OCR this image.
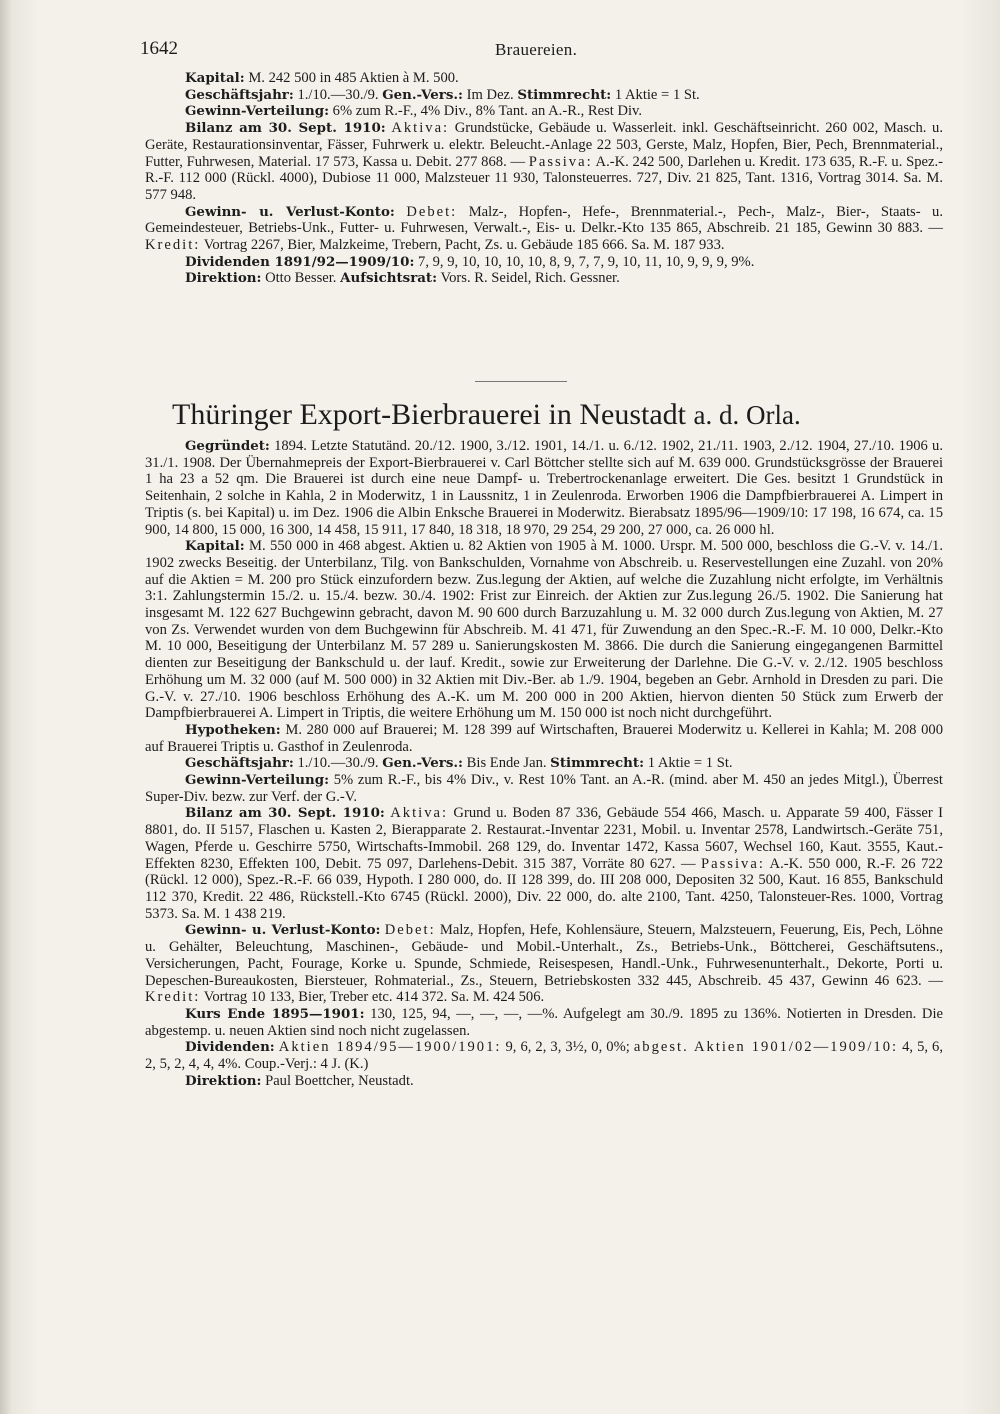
1642	Brauereien.

Kapital: M. 242 500 in 485 Aktien à M. 500.

Geschäftsjahr: 1./10.—30./9. Gen.-Vers.: Im Dez. Stimmrecht: 1 Aktie = 1 St.

Gewinn-Verteilung: 6% zum R.-F., 4% Div., 8% Tant. an A.-R., Rest Div.

Bilanz am 30. Sept. 1910: Aktiva: Grundstücke, Gebäude u. Wasserleit. inkl. Geschäftseinricht. 260 002, Masch. u. Geräte, Restaurationsinventar, Fässer, Fuhrwerk u. elektr. Beleucht.-Anlage 22 503, Gerste, Malz, Hopfen, Bier, Pech, Brennmaterial., Futter, Fuhrwesen, Material. 17 573, Kassa u. Debit. 277 868. — Passiva: A.-K. 242 500, Darlehen u. Kredit. 173 635, R.-F. u. Spez.-R.-F. 112 000 (Rückl. 4000), Dubiose 11 000, Malzsteuer 11 930, Talonsteuerres. 727, Div. 21 825, Tant. 1316, Vortrag 3014. Sa. M. 577 948.

Gewinn- u. Verlust-Konto: Debet: Malz-, Hopfen-, Hefe-, Brennmaterial.-, Pech-, Malz-, Bier-, Staats- u. Gemeindesteuer, Betriebs-Unk., Futter- u. Fuhrwesen, Verwalt.-, Eis- u. Delkr.-Kto 135 865, Abschreib. 21 185, Gewinn 30 883. — Kredit: Vortrag 2267, Bier, Malzkeime, Trebern, Pacht, Zs. u. Gebäude 185 666. Sa. M. 187 933.

Dividenden 1891/92—1909/10: 7, 9, 9, 10, 10, 10, 10, 8, 9, 7, 7, 9, 10, 11, 10, 9, 9, 9, 9%.

Direktion: Otto Besser. Aufsichtsrat: Vors. R. Seidel, Rich. Gessner.

Thüringer Export-Bierbrauerei in Neustadt a. d. Orla.

Gegründet: 1894. Letzte Statutänd. 20./12. 1900, 3./12. 1901, 14./1. u. 6./12. 1902, 21./11. 1903, 2./12. 1904, 27./10. 1906 u. 31./1. 1908. Der Übernahmepreis der Export-Bierbrauerei v. Carl Böttcher stellte sich auf M. 639 000. Grundstücksgrösse der Brauerei 1 ha 23 a 52 qm. Die Brauerei ist durch eine neue Dampf- u. Trebertrockenanlage erweitert. Die Ges. besitzt 1 Grundstück in Seitenhain, 2 solche in Kahla, 2 in Moderwitz, 1 in Laussnitz, 1 in Zeulenroda. Erworben 1906 die Dampfbierbrauerei A. Limpert in Triptis (s. bei Kapital) u. im Dez. 1906 die Albin Enksche Brauerei in Moderwitz. Bierabsatz 1895/96—1909/10: 17 198, 16 674, ca. 15 900, 14 800, 15 000, 16 300, 14 458, 15 911, 17 840, 18 318, 18 970, 29 254, 29 200, 27 000, ca. 26 000 hl.

Kapital: M. 550 000 in 468 abgest. Aktien u. 82 Aktien von 1905 à M. 1000. Urspr. M. 500 000, beschloss die G.-V. v. 14./1. 1902 zwecks Beseitig. der Unterbilanz, Tilg. von Bankschulden, Vornahme von Abschreib. u. Reservestellungen eine Zuzahl. von 20% auf die Aktien = M. 200 pro Stück einzufordern bezw. Zus.legung der Aktien, auf welche die Zuzahlung nicht erfolgte, im Verhältnis 3:1. Zahlungstermin 15./2. u. 15./4. bezw. 30./4. 1902: Frist zur Einreich. der Aktien zur Zus.legung 26./5. 1902. Die Sanierung hat insgesamt M. 122 627 Buchgewinn gebracht, davon M. 90 600 durch Barzuzahlung u. M. 32 000 durch Zus.legung von Aktien, M. 27 von Zs. Verwendet wurden von dem Buchgewinn für Abschreib. M. 41 471, für Zuwendung an den Spec.-R.-F. M. 10 000, Delkr.-Kto M. 10 000, Beseitigung der Unterbilanz M. 57 289 u. Sanierungskosten M. 3866. Die durch die Sanierung eingegangenen Barmittel dienten zur Beseitigung der Bankschuld u. der lauf. Kredit., sowie zur Erweiterung der Darlehne. Die G.-V. v. 2./12. 1905 beschloss Erhöhung um M. 32 000 (auf M. 500 000) in 32 Aktien mit Div.-Ber. ab 1./9. 1904, begeben an Gebr. Arnhold in Dresden zu pari. Die G.-V. v. 27./10. 1906 beschloss Erhöhung des A.-K. um M. 200 000 in 200 Aktien, hiervon dienten 50 Stück zum Erwerb der Dampfbierbrauerei A. Limpert in Triptis, die weitere Erhöhung um M. 150 000 ist noch nicht durchgeführt.

Hypotheken: M. 280 000 auf Brauerei; M. 128 399 auf Wirtschaften, Brauerei Moderwitz u. Kellerei in Kahla; M. 208 000 auf Brauerei Triptis u. Gasthof in Zeulenroda.

Geschäftsjahr: 1./10.—30./9. Gen.-Vers.: Bis Ende Jan. Stimmrecht: 1 Aktie = 1 St.

Gewinn-Verteilung: 5% zum R.-F., bis 4% Div., v. Rest 10% Tant. an A.-R. (mind. aber M. 450 an jedes Mitgl.), Überrest Super-Div. bezw. zur Verf. der G.-V.

Bilanz am 30. Sept. 1910: Aktiva: Grund u. Boden 87 336, Gebäude 554 466, Masch. u. Apparate 59 400, Fässer I 8801, do. II 5157, Flaschen u. Kasten 2, Bierapparate 2. Restaurat.-Inventar 2231, Mobil. u. Inventar 2578, Landwirtsch.-Geräte 751, Wagen, Pferde u. Geschirre 5750, Wirtschafts-Immobil. 268 129, do. Inventar 1472, Kassa 5607, Wechsel 160, Kaut. 3555, Kaut.-Effekten 8230, Effekten 100, Debit. 75 097, Darlehens-Debit. 315 387, Vorräte 80 627. — Passiva: A.-K. 550 000, R.-F. 26 722 (Rückl. 12 000), Spez.-R.-F. 66 039, Hypoth. I 280 000, do. II 128 399, do. III 208 000, Depositen 32 500, Kaut. 16 855, Bankschuld 112 370, Kredit. 22 486, Rückstell.-Kto 6745 (Rückl. 2000), Div. 22 000, do. alte 2100, Tant. 4250, Talonsteuer-Res. 1000, Vortrag 5373. Sa. M. 1 438 219.

Gewinn- u. Verlust-Konto: Debet: Malz, Hopfen, Hefe, Kohlensäure, Steuern, Malzsteuern, Feuerung, Eis, Pech, Löhne u. Gehälter, Beleuchtung, Maschinen-, Gebäude- und Mobil.-Unterhalt., Zs., Betriebs-Unk., Böttcherei, Geschäftsutens., Versicherungen, Pacht, Fourage, Korke u. Spunde, Schmiede, Reisespesen, Handl.-Unk., Fuhrwesenunterhalt., Dekorte, Porti u. Depeschen-Bureaukosten, Biersteuer, Rohmaterial., Zs., Steuern, Betriebskosten 332 445, Abschreib. 45 437, Gewinn 46 623. — Kredit: Vortrag 10 133, Bier, Treber etc. 414 372. Sa. M. 424 506.

Kurs Ende 1895—1901: 130, 125, 94, —, —, —, —%. Aufgelegt am 30./9. 1895 zu 136%. Notierten in Dresden. Die abgestemp. u. neuen Aktien sind noch nicht zugelassen.

Dividenden: Aktien 1894/95—1900/1901: 9, 6, 2, 3, 3½, 0, 0%; abgest. Aktien 1901/02—1909/10: 4, 5, 6, 2, 5, 2, 4, 4, 4%. Coup.-Verj.: 4 J. (K.)

Direktion: Paul Boettcher, Neustadt.
